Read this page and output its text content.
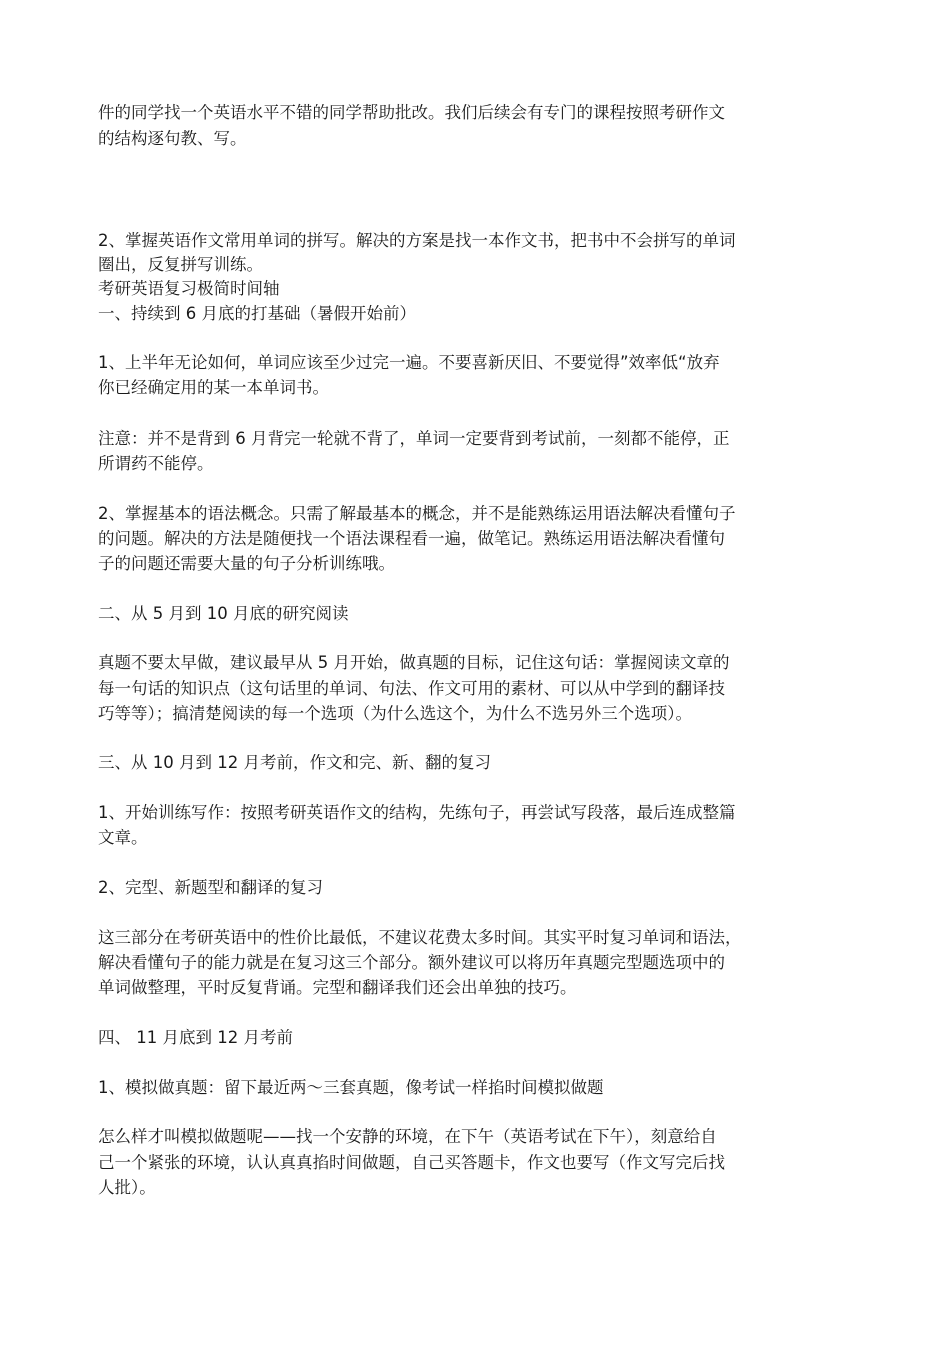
件的同学找一个英语水平不错的同学帮助批改。我们后续会有专门的课程按照考研作文
的结构逐句教、写。
2、掌握英语作文常用单词的拼写。解决的方案是找一本作文书，把书中不会拼写的单词
圈出，反复拼写训练。
考研英语复习极简时间轴
一、持续到 6 月底的打基础（暑假开始前）
1、上半年无论如何，单词应该至少过完一遍。不要喜新厌旧、不要觉得”效率低“放弃
你已经确定用的某一本单词书。
注意：并不是背到 6 月背完一轮就不背了，单词一定要背到考试前，一刻都不能停，正
所谓药不能停。
2、掌握基本的语法概念。只需了解最基本的概念，并不是能熟练运用语法解决看懂句子
的问题。解决的方法是随便找一个语法课程看一遍，做笔记。熟练运用语法解决看懂句
子的问题还需要大量的句子分析训练哦。
二、从 5 月到 10 月底的研究阅读
真题不要太早做，建议最早从 5 月开始，做真题的目标，记住这句话：掌握阅读文章的
每一句话的知识点（这句话里的单词、句法、作文可用的素材、可以从中学到的翻译技
巧等等）；搞清楚阅读的每一个选项（为什么选这个，为什么不选另外三个选项）。
三、从 10 月到 12 月考前，作文和完、新、翻的复习
1、开始训练写作：按照考研英语作文的结构，先练句子，再尝试写段落，最后连成整篇
文章。
2、完型、新题型和翻译的复习
这三部分在考研英语中的性价比最低，不建议花费太多时间。其实平时复习单词和语法，
解决看懂句子的能力就是在复习这三个部分。额外建议可以将历年真题完型题选项中的
单词做整理，平时反复背诵。完型和翻译我们还会出单独的技巧。
四、 11 月底到 12 月考前
1、模拟做真题：留下最近两～三套真题，像考试一样掐时间模拟做题
怎么样才叫模拟做题呢——找一个安静的环境，在下午（英语考试在下午），刻意给自
己一个紧张的环境，认认真真掐时间做题，自己买答题卡，作文也要写（作文写完后找
人批）。
